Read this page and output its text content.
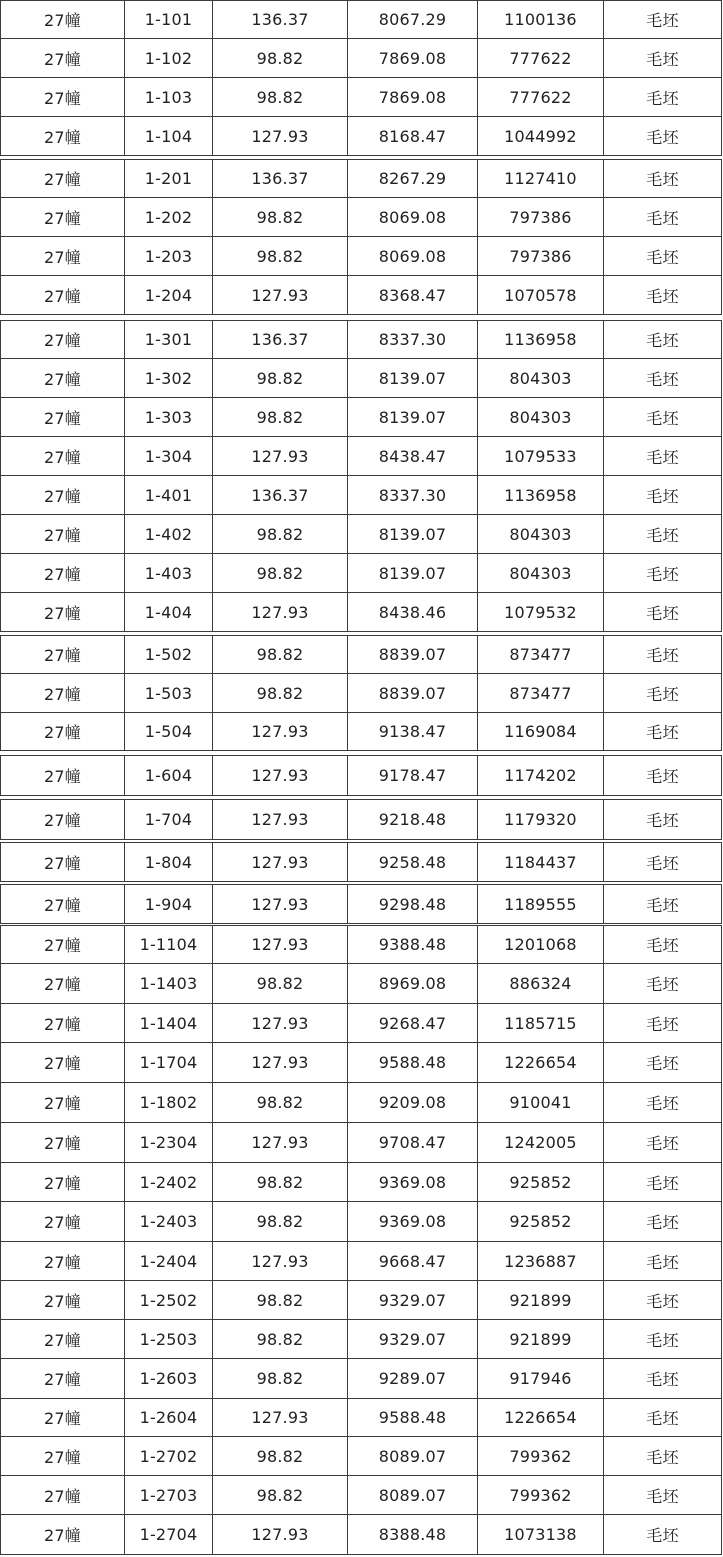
27幢	1-101	136.37	8067.29	1100136	毛坯
27幢	1-102	98.82	7869.08	777622	毛坯
27幢	1-103	98.82	7869.08	777622	毛坯
27幢	1-104	127.93	8168.47	1044992	毛坯
27幢	1-201	136.37	8267.29	1127410	毛坯
27幢	1-202	98.82	8069.08	797386	毛坯
27幢	1-203	98.82	8069.08	797386	毛坯
27幢	1-204	127.93	8368.47	1070578	毛坯
27幢	1-301	136.37	8337.30	1136958	毛坯
27幢	1-302	98.82	8139.07	804303	毛坯
27幢	1-303	98.82	8139.07	804303	毛坯
27幢	1-304	127.93	8438.47	1079533	毛坯
27幢	1-401	136.37	8337.30	1136958	毛坯
27幢	1-402	98.82	8139.07	804303	毛坯
27幢	1-403	98.82	8139.07	804303	毛坯
27幢	1-404	127.93	8438.46	1079532	毛坯
27幢	1-502	98.82	8839.07	873477	毛坯
27幢	1-503	98.82	8839.07	873477	毛坯
27幢	1-504	127.93	9138.47	1169084	毛坯
27幢	1-604	127.93	9178.47	1174202	毛坯
27幢	1-704	127.93	9218.48	1179320	毛坯
27幢	1-804	127.93	9258.48	1184437	毛坯
27幢	1-904	127.93	9298.48	1189555	毛坯
27幢	1-1104	127.93	9388.48	1201068	毛坯
27幢	1-1403	98.82	8969.08	886324	毛坯
27幢	1-1404	127.93	9268.47	1185715	毛坯
27幢	1-1704	127.93	9588.48	1226654	毛坯
27幢	1-1802	98.82	9209.08	910041	毛坯
27幢	1-2304	127.93	9708.47	1242005	毛坯
27幢	1-2402	98.82	9369.08	925852	毛坯
27幢	1-2403	98.82	9369.08	925852	毛坯
27幢	1-2404	127.93	9668.47	1236887	毛坯
27幢	1-2502	98.82	9329.07	921899	毛坯
27幢	1-2503	98.82	9329.07	921899	毛坯
27幢	1-2603	98.82	9289.07	917946	毛坯
27幢	1-2604	127.93	9588.48	1226654	毛坯
27幢	1-2702	98.82	8089.07	799362	毛坯
27幢	1-2703	98.82	8089.07	799362	毛坯
27幢	1-2704	127.93	8388.48	1073138	毛坯
